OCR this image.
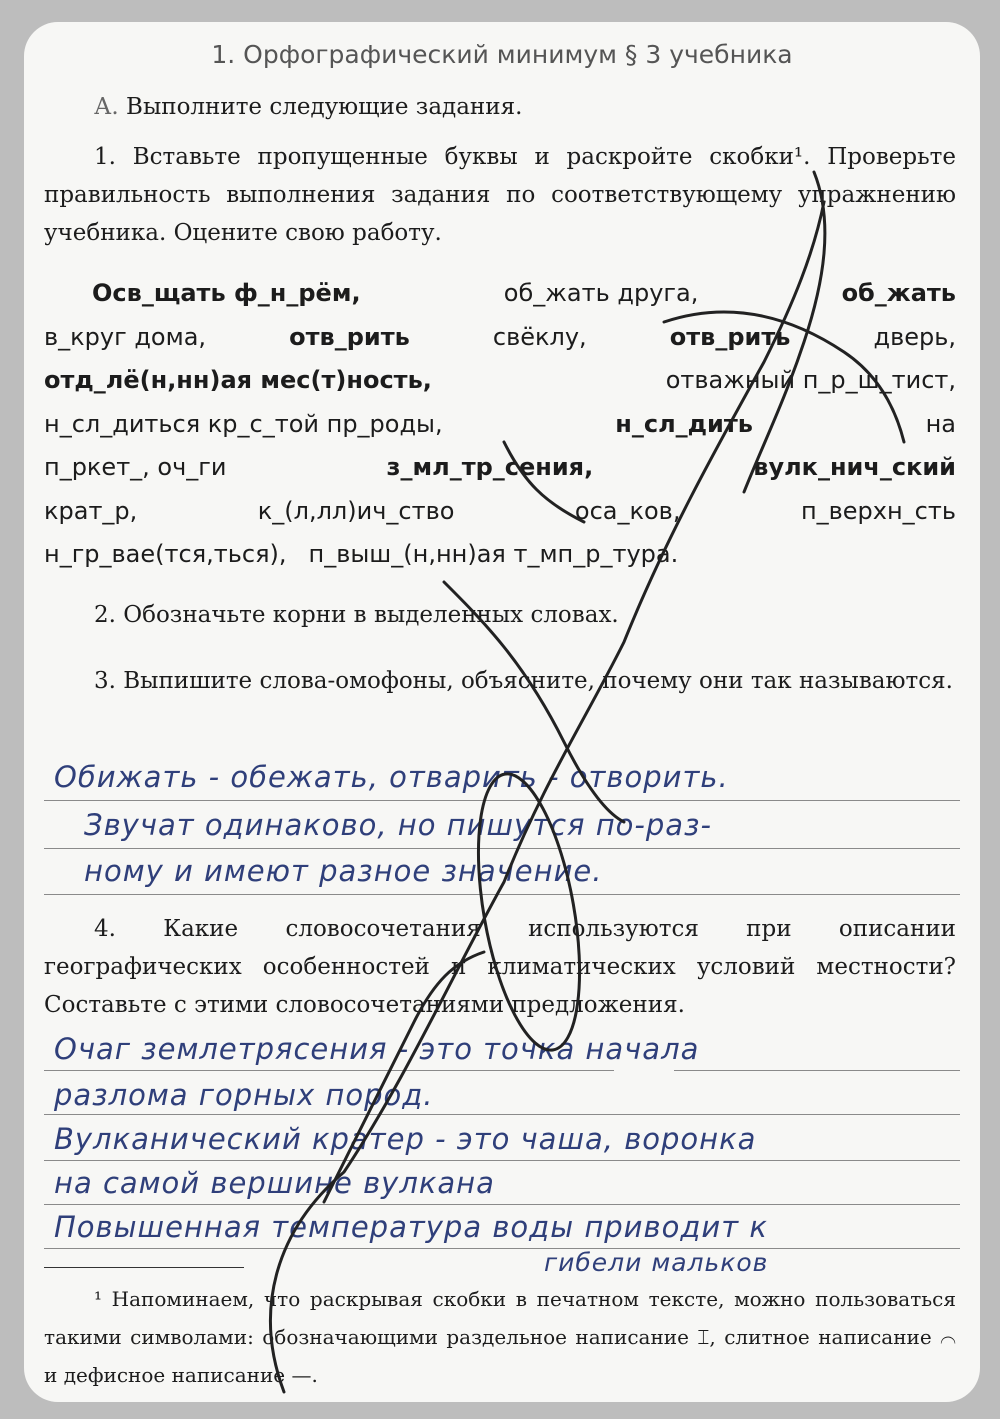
1. Орфографический минимум § 3 учебника
А. Выполните следующие задания.
1. Вставьте пропущенные буквы и раскройте скобки¹. Проверьте правильность выполнения задания по соответствующему упражнению учебника. Оцените свою работу.
Осв_щать ф_н_рём,	об_жать друга,	об_жать
в_круг дома,	отв_рить	свёклу,	отв_рить	дверь,
отд_лё(н,нн)ая мес(т)ность,	отважный п_р_ш_тист,
н_сл_диться кр_с_той пр_роды,	н_сл_дить	на
п_ркет_, оч_ги	з_мл_тр_сения,	вулк_нич_ский
крат_р,	к_(л,лл)ич_ство	оса_ков,	п_верхн_сть
н_гр_вае(тся,ться), п_выш_(н,нн)ая т_мп_р_тура.
2. Обозначьте корни в выделенных словах.
3. Выпишите слова-омофоны, объясните, почему они так называются.
Обижать - обежать, отварить - отворить.
Звучат одинаково, но пишутся по-раз-
ному и имеют разное значение.
4. Какие словосочетания используются при описании географических особенностей и климатических условий местности? Составьте с этими словосочетаниями предложения.
Очаг землетрясения - это точка начала
разлома горных пород.
Вулканический кратер - это чаша, воронка
на самой вершине вулкана
Повышенная температура воды приводит к
гибели мальков
¹ Напоминаем, что раскрывая скобки в печатном тексте, можно пользоваться такими символами: обозначающими раздельное написание ⌶, слитное написание ⌒ и дефисное написание —.
